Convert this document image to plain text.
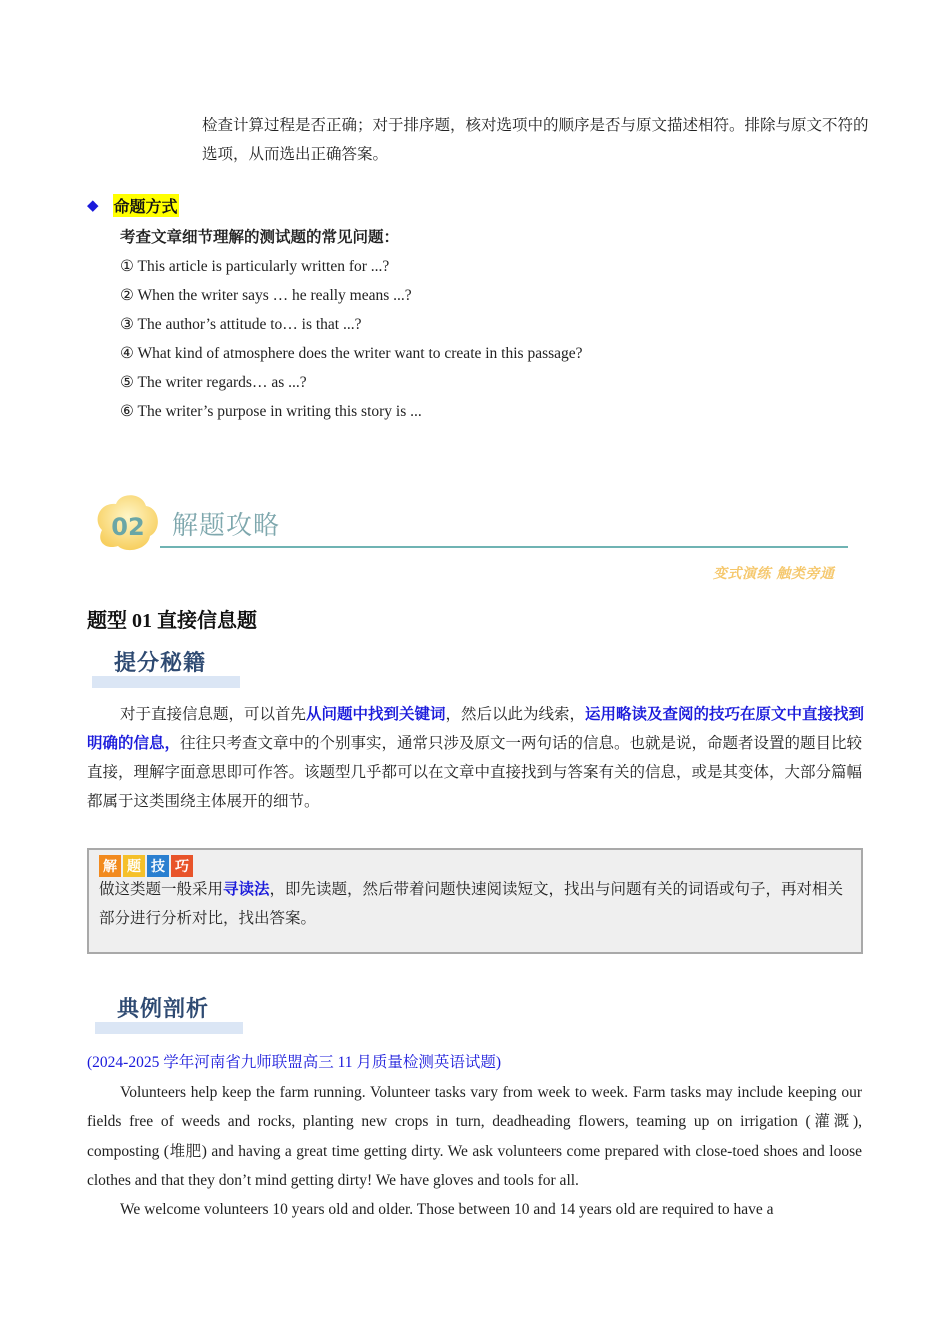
检查计算过程是否正确；对于排序题，核对选项中的顺序是否与原文描述相符。排除与原文不符的选项，从而选出正确答案。
◆ 命题方式
考查文章细节理解的测试题的常见问题：
① This article is particularly written for ...?
② When the writer says … he really means ...?
③ The author’s attitude to… is that ...?
④ What kind of atmosphere does the writer want to create in this passage?
⑤ The writer regards… as ...?
⑥ The writer’s purpose in writing this story is ...
02 解题攻略
变式演练 触类旁通
题型 01 直接信息题
提分秘籍
对于直接信息题，可以首先从问题中找到关键词，然后以此为线索，运用略读及查阅的技巧在原文中直接找到明确的信息，往往只考查文章中的个别事实，通常只涉及原文一两句话的信息。也就是说，命题者设置的题目比较直接，理解字面意思即可作答。该题型几乎都可以在文章中直接找到与答案有关的信息，或是其变体，大部分篇幅都属于这类围绕主体展开的细节。
解 题 技 巧
做这类题一般采用寻读法，即先读题，然后带着问题快速阅读短文，找出与问题有关的词语或句子，再对相关部分进行分析对比，找出答案。
典例剖析
(2024-2025 学年河南省九师联盟高三 11 月质量检测英语试题)

Volunteers help keep the farm running. Volunteer tasks vary from week to week. Farm tasks may include keeping our fields free of weeds and rocks, planting new crops in turn, deadheading flowers, teaming up on irrigation (灌溉), composting (堆肥) and having a great time getting dirty. We ask volunteers come prepared with close-toed shoes and loose clothes and that they don’t mind getting dirty! We have gloves and tools for all.

We welcome volunteers 10 years old and older. Those between 10 and 14 years old are required to have a
